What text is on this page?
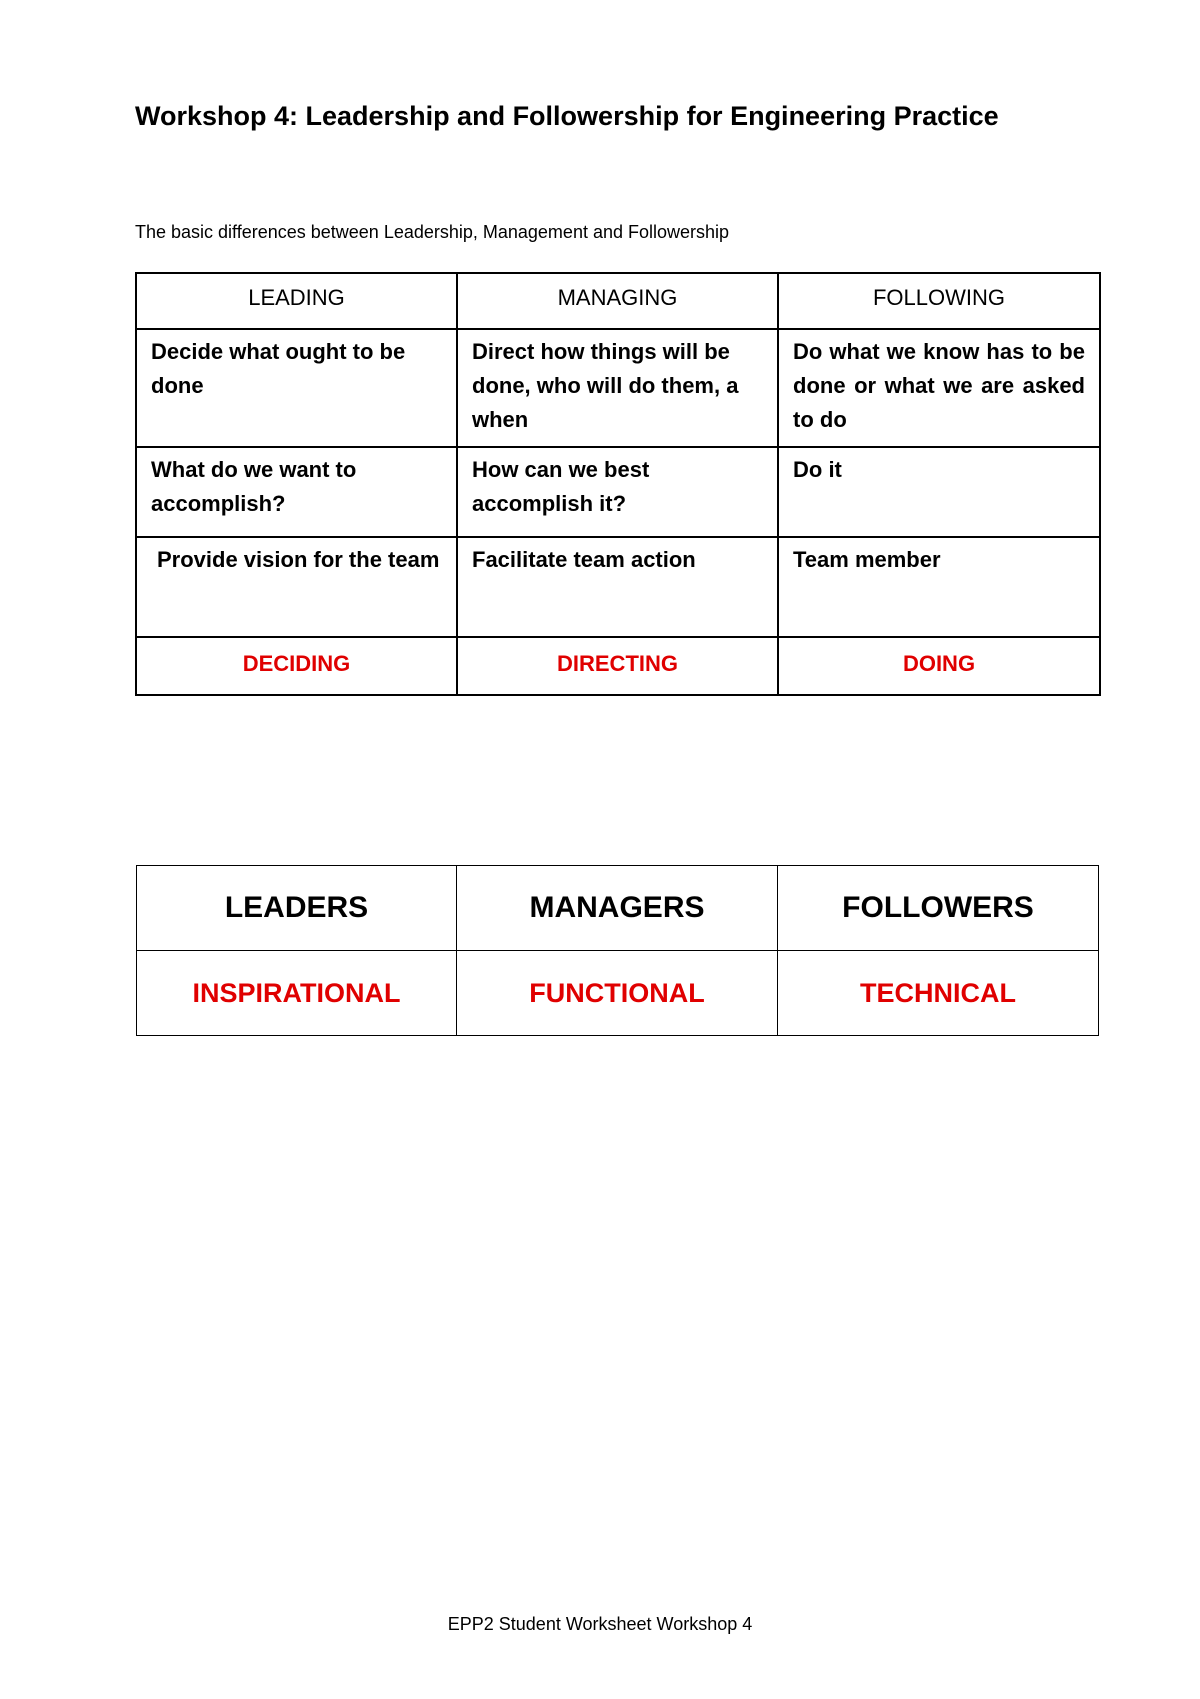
Workshop 4: Leadership and Followership for Engineering Practice
The basic differences between Leadership, Management and Followership
LEADING	MANAGING	FOLLOWING
Decide what ought to be done	Direct how things will be done, who will do them, a when	Do what we know has to be done or what we are asked to do
What do we want to accomplish?	How can we best accomplish it?	Do it
Provide vision for the team	Facilitate team action	Team member
DECIDING	DIRECTING	DOING
LEADERS	MANAGERS	FOLLOWERS
INSPIRATIONAL	FUNCTIONAL	TECHNICAL
EPP2 Student Worksheet Workshop 4
